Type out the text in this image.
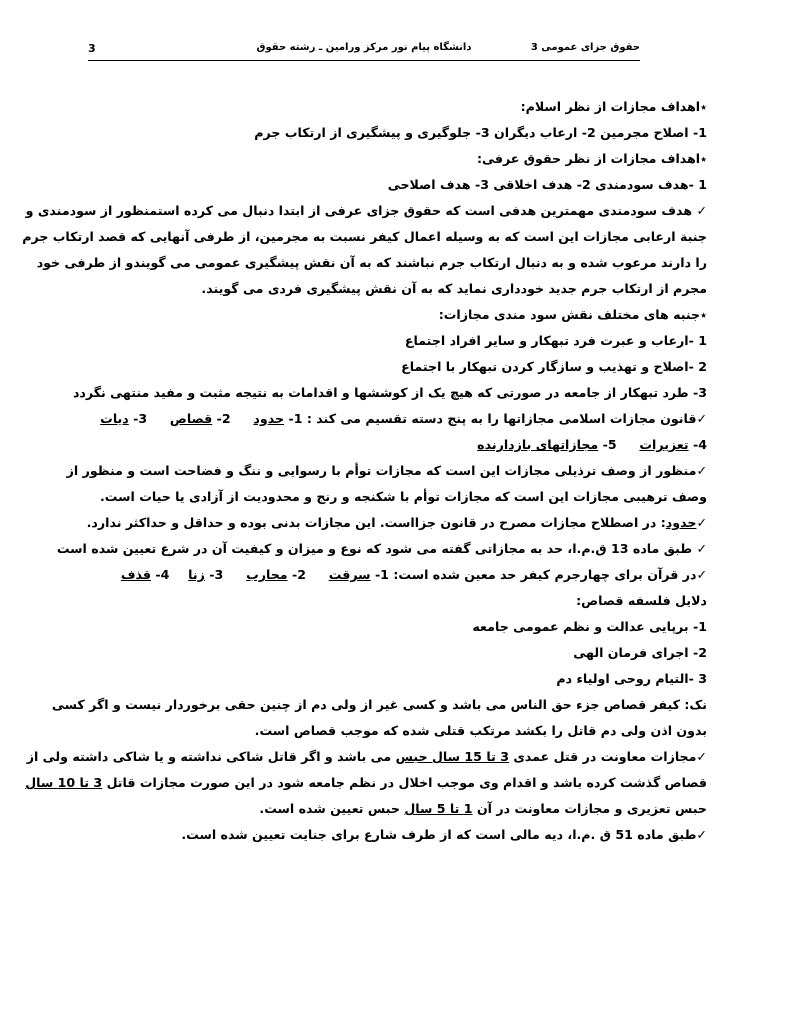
حقوق جزای عمومی 3
دانشگاه پیام نور مرکز ورامین ـ رشته حقوق
3
٭اهداف مجازات از نظر اسلام:
1- اصلاح مجرمین 2- ارعاب دیگران 3- جلوگیری و پیشگیری از ارتکاب جرم
٭اهداف مجازات از نظر حقوق عرفی:
1 -هدف سودمندی 2- هدف اخلاقی 3- هدف اصلاحی
✓ هدف سودمندی مهمترین هدفی است که حقوق جزای عرفی از ابتدا دنبال می کرده استمنظور از سودمندی و
جنبة ارعابی مجازات این است که به وسیله اعمال کیفر نسبت به مجرمین، از طرفی آنهایی که قصد ارتکاب جرم
را دارند مرعوب شده و به دنبال ارتکاب جرم نباشند که به آن نقش پیشگیری عمومی می گویندو از طرفی خود
مجرم از ارتکاب جرم جدید خودداری نماید که به آن نقش پیشگیری فردی می گویند.
٭جنبه های مختلف نقش سود مندی مجازات:
1 -ارعاب و عبرت فرد تبهکار و سایر افراد اجتماع
2 -اصلاح و تهذیب و سازگار کردن تبهکار با اجتماع
3- طرد تبهکار از جامعه در صورتی که هیچ یک از کوششها و اقدامات به نتیجه مثبت و مفید منتهی نگردد
✓قانون مجازات اسلامی مجازاتها را به پنج دسته تقسیم می کند : 1- حدود  2- قصاص  3- دیات
4- تعزیرات  5- مجازاتهای بازدارنده
✓منظور از وصف ترذیلی مجازات این است که مجازات توأم با رسوایی و ننگ و فضاحت است و منظور از
وصف ترهیبی مجازات این است که مجازات توأم با شکنجه و رنج و محدودیت از آزادی یا حیات است.
✓حدود: در اصطلاح مجازات مصرح در قانون جزااست. این مجازات بدنی بوده و حداقل و حداکثر ندارد.
✓ طبق ماده 13 ق.م.ا، حد به مجازاتی گفته می شود که نوع و میزان و کیفیت آن در شرع تعیین شده است
✓در قرآن برای چهارجرم کیفر حد معین شده است: 1- سرقت  2- محارب  3- زنا  4- قذف
دلایل فلسفه قصاص:
1- برپایی عدالت و نظم عمومی جامعه
2- اجرای فرمان الهی
3 -التیام روحی اولیاء دم
نک: کیفر قصاص جزء حق الناس می باشد و کسی غیر از ولی دم از چنین حقی برخوردار نیست و اگر کسی
بدون اذن ولی دم قاتل را بکشد مرتکب قتلی شده که موجب قصاص است.
✓مجازات معاونت در قتل عمدی 3 تا 15 سال حبس می باشد و اگر قاتل شاکی نداشته و یا شاکی داشته ولی از
قصاص گذشت کرده باشد و اقدام وی موجب اخلال در نظم جامعه شود در این صورت مجازات قاتل 3 تا 10 سال
حبس تعزیری و مجازات معاونت در آن 1 تا 5 سال حبس تعیین شده است.
✓طبق ماده 51 ق .م.ا، دیه مالی است که از طرف شارع برای جنایت تعیین شده است.
